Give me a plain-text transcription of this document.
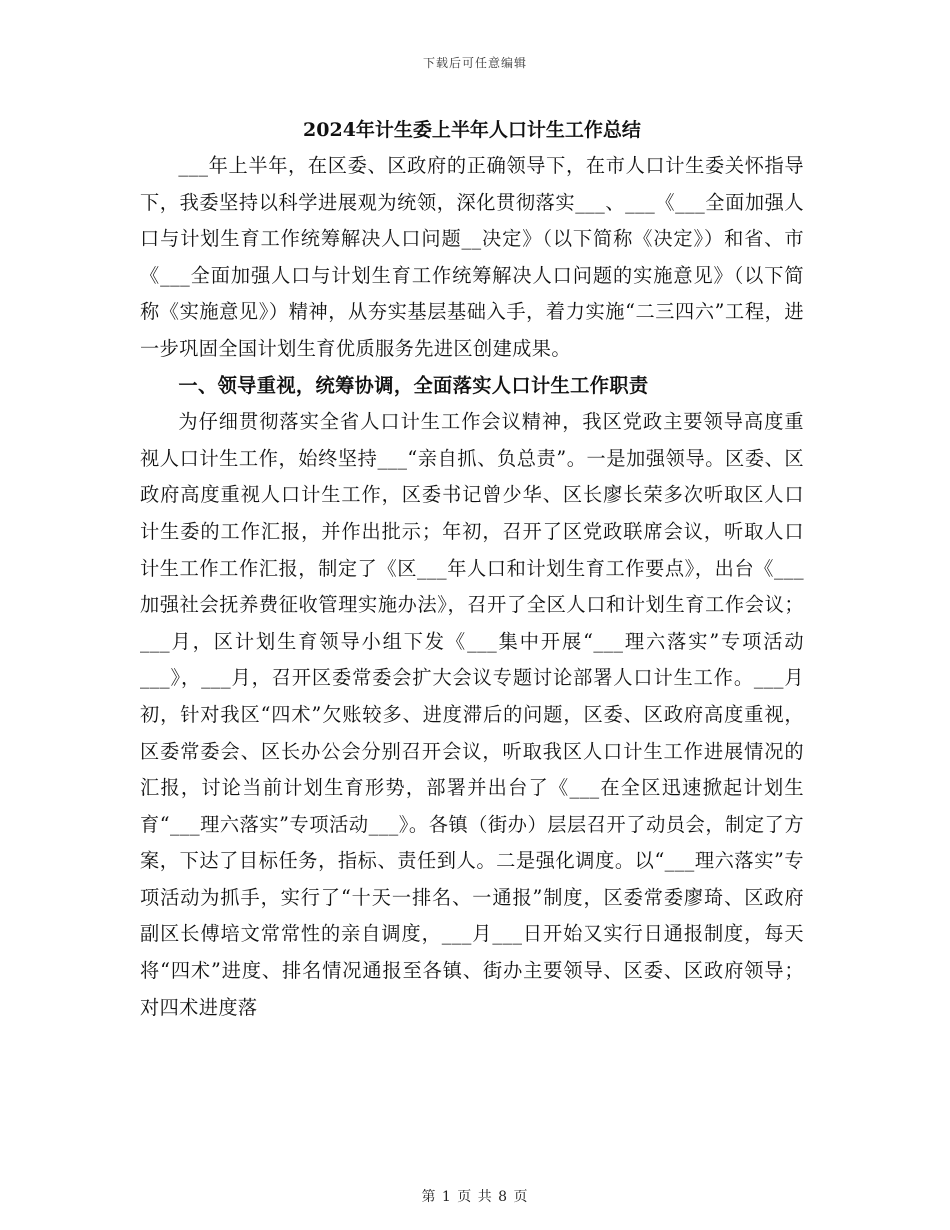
下载后可任意编辑
2024年计生委上半年人口计生工作总结

___年上半年，在区委、区政府的正确领导下，在市人口计生委关怀指导下，我委坚持以科学进展观为统领，深化贯彻落实___、___《___全面加强人口与计划生育工作统筹解决人口问题__决定》（以下简称《决定》）和省、市《___全面加强人口与计划生育工作统筹解决人口问题的实施意见》（以下简称《实施意见》）精神，从夯实基层基础入手，着力实施“二三四六”工程，进一步巩固全国计划生育优质服务先进区创建成果。

一、领导重视，统筹协调，全面落实人口计生工作职责

为仔细贯彻落实全省人口计生工作会议精神，我区党政主要领导高度重视人口计生工作，始终坚持___“亲自抓、负总责”。一是加强领导。区委、区政府高度重视人口计生工作，区委书记曾少华、区长廖长荣多次听取区人口计生委的工作汇报，并作出批示；年初，召开了区党政联席会议，听取人口计生工作工作汇报，制定了《区___年人口和计划生育工作要点》，出台《___加强社会抚养费征收管理实施办法》，召开了全区人口和计划生育工作会议；___月，区计划生育领导小组下发《___集中开展“___理六落实”专项活动___》，___月，召开区委常委会扩大会议专题讨论部署人口计生工作。___月初，针对我区“四术”欠账较多、进度滞后的问题，区委、区政府高度重视，区委常委会、区长办公会分别召开会议，听取我区人口计生工作进展情况的汇报，讨论当前计划生育形势，部署并出台了《___在全区迅速掀起计划生育“___理六落实”专项活动___》。各镇（街办）层层召开了动员会，制定了方案，下达了目标任务，指标、责任到人。二是强化调度。以“___理六落实”专项活动为抓手，实行了“十天一排名、一通报”制度，区委常委廖琦、区政府副区长傅培文常常性的亲自调度，___月___日开始又实行日通报制度，每天将“四术”进度、排名情况通报至各镇、街办主要领导、区委、区政府领导；对四术进度落

第 1 页 共 8 页
